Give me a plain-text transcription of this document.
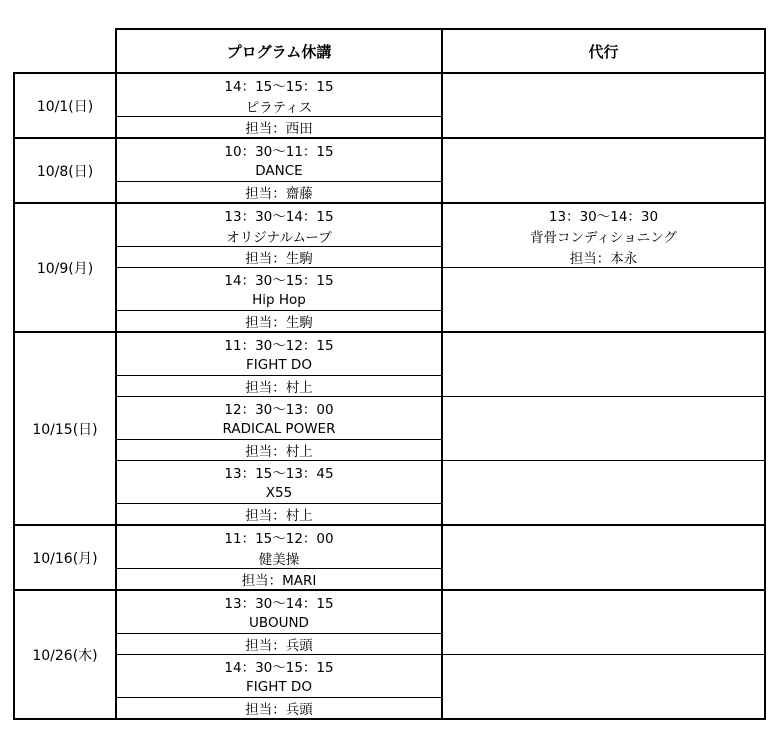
	プログラム休講	代行
10/1(日)	14：15～15：15	
	ピラティス	
	担当：西田	
10/8(日)	10：30～11：15	
	DANCE	
	担当：齋藤	
10/9(月)	13：30～14：15	13：30～14：30
	オリジナルムーブ	背骨コンディショニング
	担当：生駒	担当：本永
	14：30～15：15	
	Hip Hop	
	担当：生駒	
10/15(日)	11：30～12：15	
	FIGHT DO	
	担当：村上	
	12：30～13：00	
	RADICAL POWER	
	担当：村上	
	13：15～13：45	
	X55	
	担当：村上	
10/16(月)	11：15～12：00	
	健美操	
	担当：MARI	
10/26(木)	13：30～14：15	
	UBOUND	
	担当：兵頭	
	14：30～15：15	
	FIGHT DO	
	担当：兵頭	
